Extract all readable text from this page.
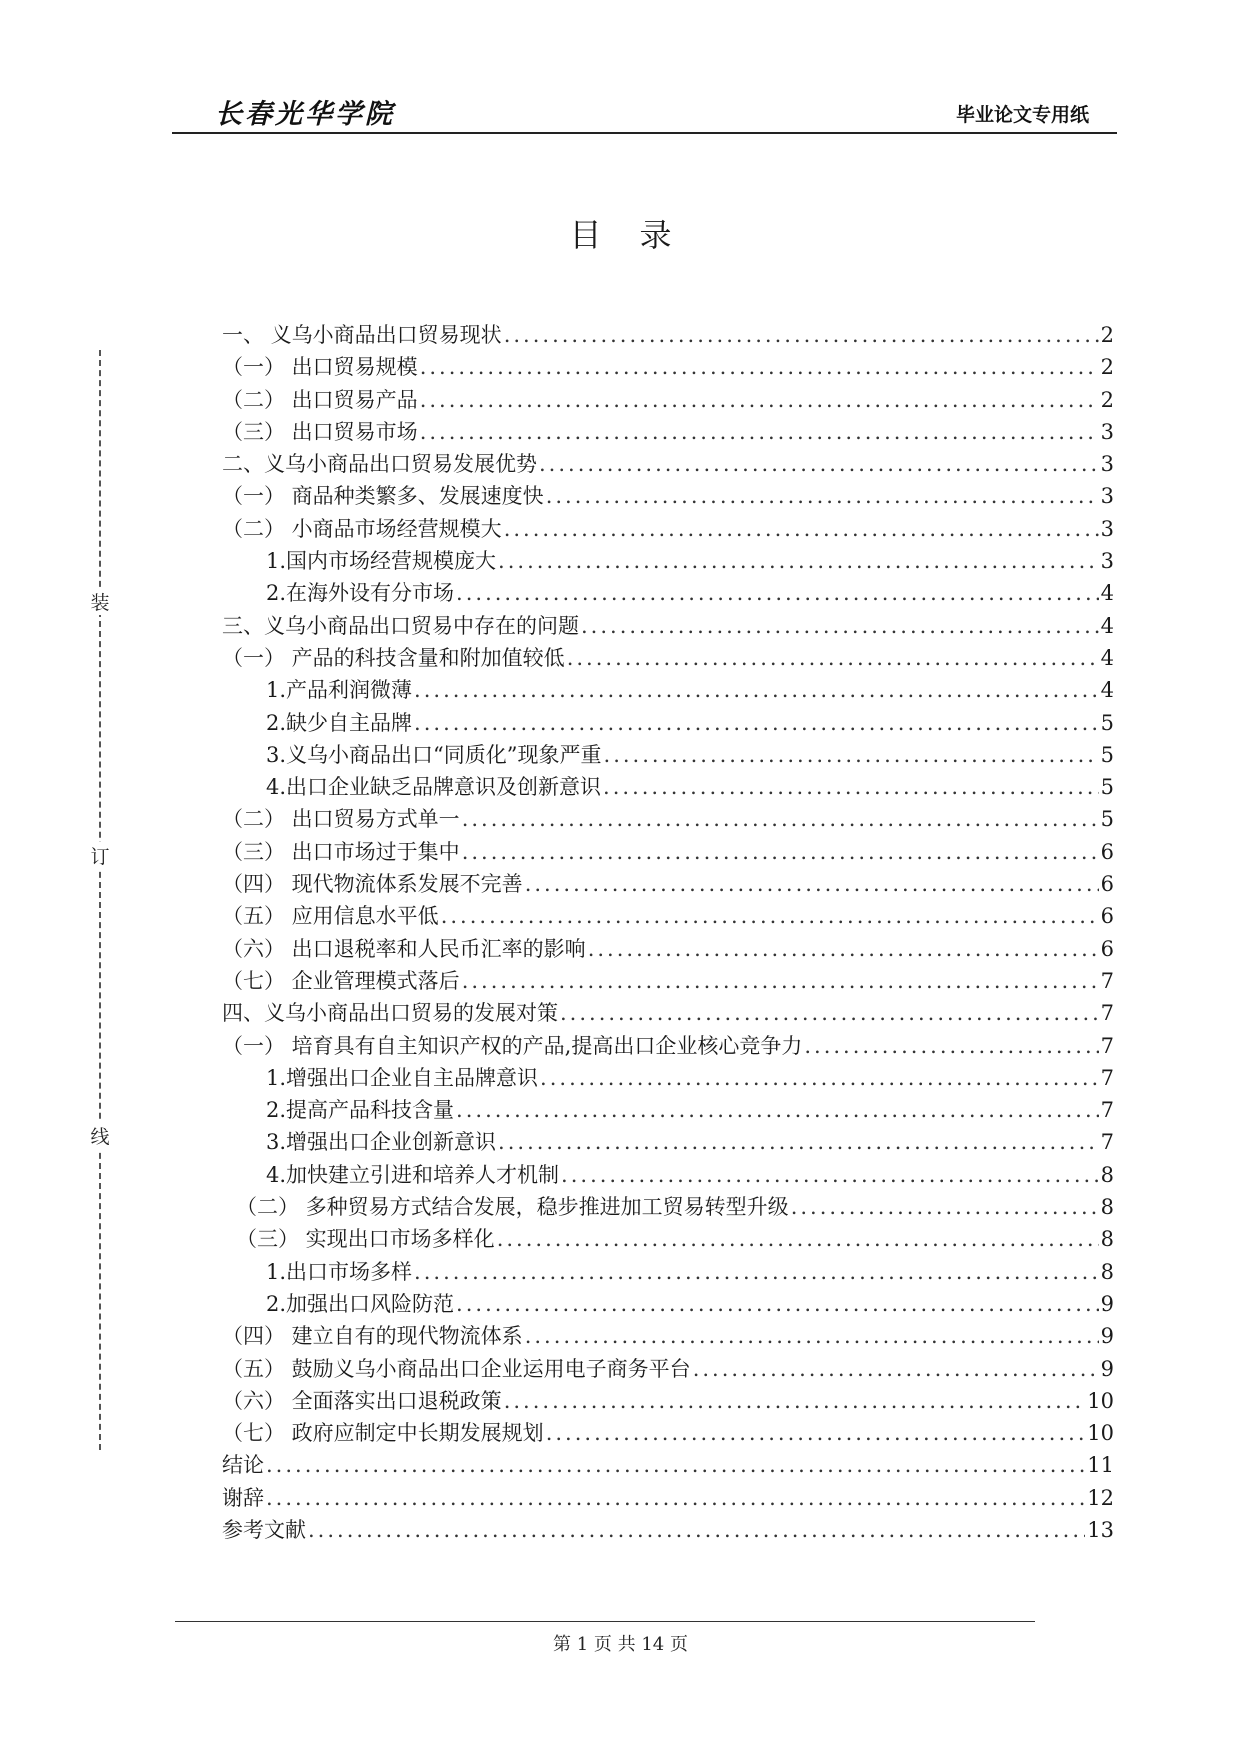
长春光华学院	毕业论文专用纸
目录
装
订
线
一、 义乌小商品出口贸易现状 .....	2
（一） 出口贸易规模 .....	2
（二） 出口贸易产品 .....	2
（三） 出口贸易市场 .....	3
二、义乌小商品出口贸易发展优势 .....	3
（一） 商品种类繁多、发展速度快 .....	3
（二） 小商品市场经营规模大 .....	3
1.国内市场经营规模庞大 .....	3
2.在海外设有分市场 .....	4
三、义乌小商品出口贸易中存在的问题 .....	4
（一） 产品的科技含量和附加值较低 .....	4
1.产品利润微薄 .....	4
2.缺少自主品牌 .....	5
3.义乌小商品出口“同质化”现象严重 .....	5
4.出口企业缺乏品牌意识及创新意识 .....	5
（二） 出口贸易方式单一 .....	5
（三） 出口市场过于集中 .....	6
（四） 现代物流体系发展不完善 .....	6
（五） 应用信息水平低 .....	6
（六） 出口退税率和人民币汇率的影响 .....	6
（七） 企业管理模式落后 .....	7
四、义乌小商品出口贸易的发展对策 .....	7
（一） 培育具有自主知识产权的产品,提高出口企业核心竞争力 .....	7
1.增强出口企业自主品牌意识 .....	7
2.提高产品科技含量 .....	7
3.增强出口企业创新意识 .....	7
4.加快建立引进和培养人才机制 .....	8
（二） 多种贸易方式结合发展，稳步推进加工贸易转型升级 .....	8
（三） 实现出口市场多样化 .....	8
1.出口市场多样 .....	8
2.加强出口风险防范 .....	9
（四） 建立自有的现代物流体系 .....	9
（五） 鼓励义乌小商品出口企业运用电子商务平台 .....	9
（六） 全面落实出口退税政策 .....	10
（七） 政府应制定中长期发展规划 .....	10
结论 .....	11
谢辞 .....	12
参考文献 .....	13
第 1 页 共 14 页
